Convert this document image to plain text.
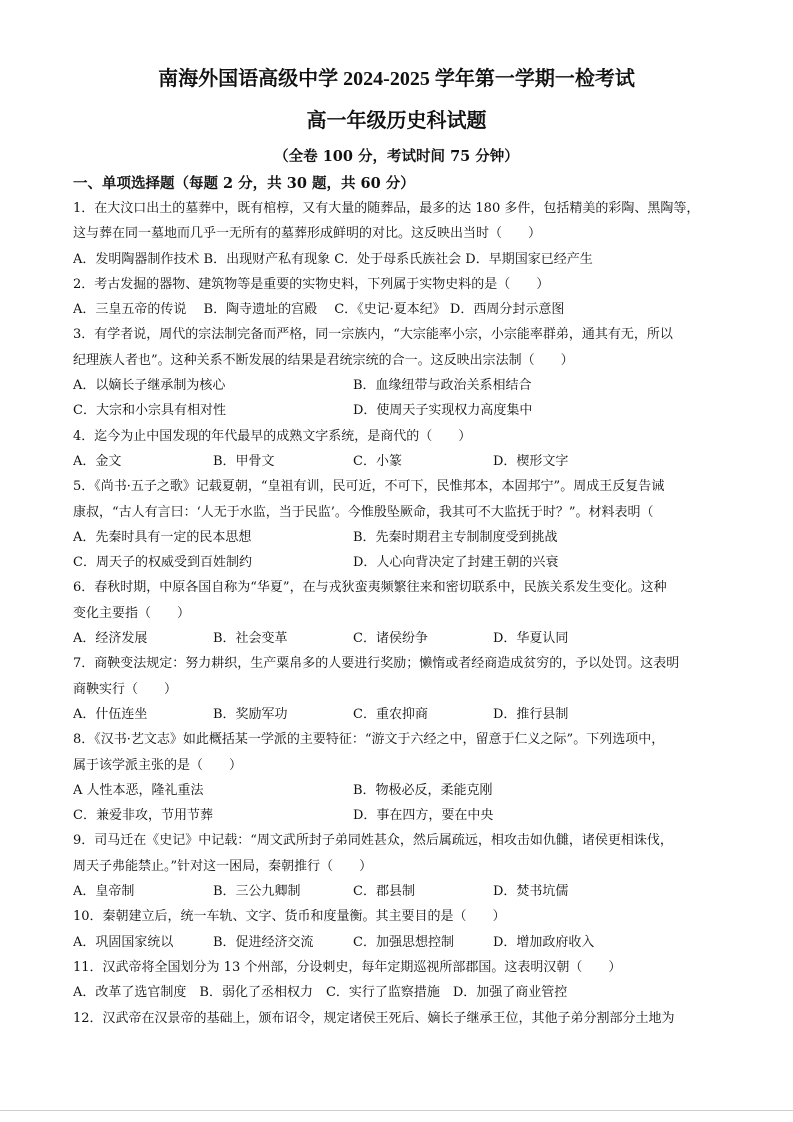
南海外国语高级中学 2024-2025 学年第一学期一检考试
高一年级历史科试题
（全卷 100 分，考试时间 75 分钟）
一、单项选择题（每题 2 分，共 30 题，共 60 分）
1．在大汶口出土的墓葬中，既有棺椁，又有大量的随葬品，最多的达 180 多件，包括精美的彩陶、黑陶等，
这与葬在同一墓地而几乎一无所有的墓葬形成鲜明的对比。这反映出当时（　　）
A．发明陶器制作技术 B．出现财产私有现象 C．处于母系氏族社会 D．早期国家已经产生
2．考古发掘的器物、建筑物等是重要的实物史料，下列属于实物史料的是（　　）
A．三皇五帝的传说　 B．陶寺遗址的宫殿　 C．《史记·夏本纪》 D．西周分封示意图
3．有学者说，周代的宗法制完备而严格，同一宗族内，“大宗能率小宗，小宗能率群弟，通其有无，所以
纪理族人者也”。这种关系不断发展的结果是君统宗统的合一。这反映出宗法制（　　）
A．以嫡长子继承制为核心	B．血缘纽带与政治关系相结合
C．大宗和小宗具有相对性	D．使周天子实现权力高度集中
4．迄今为止中国发现的年代最早的成熟文字系统，是商代的（　　）
A．金文	B．甲骨文	C．小篆	D．楔形文字
5．《尚书·五子之歌》记载夏朝，“皇祖有训，民可近，不可下，民惟邦本，本固邦宁”。周成王反复告诫
康叔，“古人有言曰：‘人无于水监，当于民监’。今惟殷坠厥命，我其可不大监抚于时？”。材料表明（
A．先秦时具有一定的民本思想	B．先秦时期君主专制制度受到挑战
C．周天子的权威受到百姓制约	D．人心向背决定了封建王朝的兴衰
6．春秋时期，中原各国自称为“华夏”，在与戎狄蛮夷频繁往来和密切联系中，民族关系发生变化。这种
变化主要指（　　）
A．经济发展	B．社会变革	C．诸侯纷争	D．华夏认同
7．商鞅变法规定：努力耕织，生产粟帛多的人要进行奖励；懒惰或者经商造成贫穷的，予以处罚。这表明
商鞅实行（　　）
A．什伍连坐	B．奖励军功	C．重农抑商	D．推行县制
8．《汉书·艺文志》如此概括某一学派的主要特征：“游文于六经之中，留意于仁义之际”。下列选项中，
属于该学派主张的是（　　）
A 人性本恶，隆礼重法	B．物极必反，柔能克刚
C．兼爱非攻，节用节葬	D．事在四方，要在中央
9．司马迁在《史记》中记载：“周文武所封子弟同姓甚众，然后属疏远，相攻击如仇雠，诸侯更相诛伐，
周天子弗能禁止。”针对这一困局，秦朝推行（　　）
A．皇帝制	B．三公九卿制	C．郡县制	D．焚书坑儒
10．秦朝建立后，统一车轨、文字、货币和度量衡。其主要目的是（　　）
A．巩固国家统以	B．促进经济交流	C．加强思想控制	D．增加政府收入
11．汉武帝将全国划分为 13 个州部，分设刺史，每年定期巡视所部郡国。这表明汉朝（　　）
A．改革了选官制度　B．弱化了丞相权力　C．实行了监察措施　D．加强了商业管控
12．汉武帝在汉景帝的基础上，颁布诏令，规定诸侯王死后、嫡长子继承王位，其他子弟分割部分土地为
